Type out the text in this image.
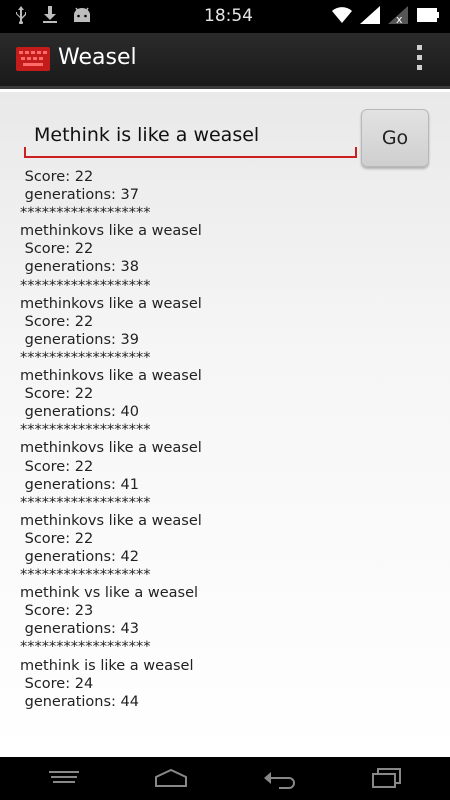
18:54	x
Weasel
Methink is like a weasel	Go

Score: 22
generations: 37
******************
methinkovs like a weasel
Score: 22
generations: 38
******************
methinkovs like a weasel
Score: 22
generations: 39
******************
methinkovs like a weasel
Score: 22
generations: 40
******************
methinkovs like a weasel
Score: 22
generations: 41
******************
methinkovs like a weasel
Score: 22
generations: 42
******************
methink vs like a weasel
Score: 23
generations: 43
******************
methink is like a weasel
Score: 24
generations: 44
